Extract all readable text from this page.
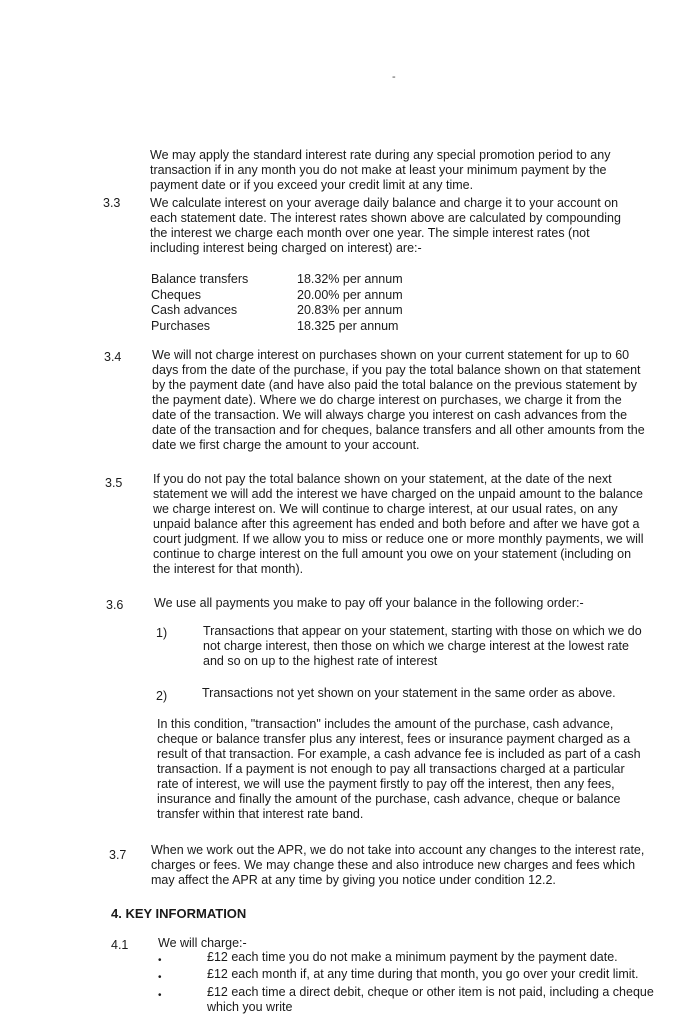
-
We may apply the standard interest rate during any special promotion period to any
transaction if in any month you do not make at least your minimum payment by the
payment date or if you exceed your credit limit at any time.
3.3	We calculate interest on your average daily balance and charge it to your account on
each statement date. The interest rates shown above are calculated by compounding
the interest we charge each month over one year. The simple interest rates (not
including interest being charged on interest) are:-
Balance transfers	18.32% per annum
Cheques	20.00% per annum
Cash advances	20.83% per annum
Purchases	18.325 per annum
3.4	We will not charge interest on purchases shown on your current statement for up to 60
days from the date of the purchase, if you pay the total balance shown on that statement
by the payment date (and have also paid the total balance on the previous statement by
the payment date). Where we do charge interest on purchases, we charge it from the
date of the transaction. We will always charge you interest on cash advances from the
date of the transaction and for cheques, balance transfers and all other amounts from the
date we first charge the amount to your account.
3.5	If you do not pay the total balance shown on your statement, at the date of the next
statement we will add the interest we have charged on the unpaid amount to the balance
we charge interest on. We will continue to charge interest, at our usual rates, on any
unpaid balance after this agreement has ended and both before and after we have got a
court judgment. If we allow you to miss or reduce one or more monthly payments, we will
continue to charge interest on the full amount you owe on your statement (including on
the interest for that month).
3.6	We use all payments you make to pay off your balance in the following order:-
1)	Transactions that appear on your statement, starting with those on which we do
not charge interest, then those on which we charge interest at the lowest rate
and so on up to the highest rate of interest
2)	Transactions not yet shown on your statement in the same order as above.
In this condition, "transaction" includes the amount of the purchase, cash advance,
cheque or balance transfer plus any interest, fees or insurance payment charged as a
result of that transaction. For example, a cash advance fee is included as part of a cash
transaction. If a payment is not enough to pay all transactions charged at a particular
rate of interest, we will use the payment firstly to pay off the interest, then any fees,
insurance and finally the amount of the purchase, cash advance, cheque or balance
transfer within that interest rate band.
3.7	When we work out the APR, we do not take into account any changes to the interest rate,
charges or fees. We may change these and also introduce new charges and fees which
may affect the APR at any time by giving you notice under condition 12.2.
4. KEY INFORMATION
4.1	We will charge:-
•	£12 each time you do not make a minimum payment by the payment date.
•	£12 each month if, at any time during that month, you go over your credit limit.
•	£12 each time a direct debit, cheque or other item is not paid, including a cheque
which you write
